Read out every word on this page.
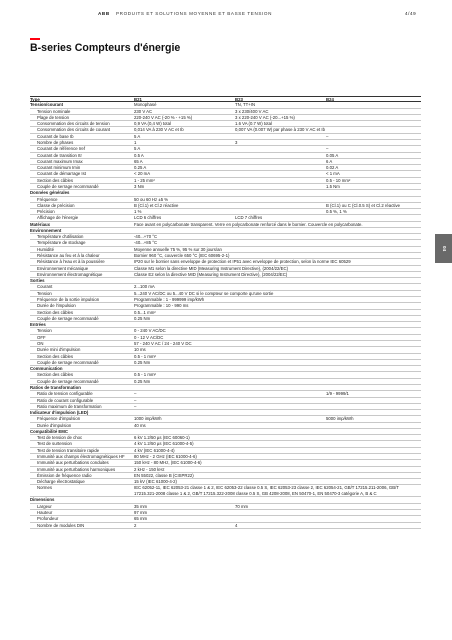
ABB PRODUITS ET SOLUTIONS MOYENNE ET BASSE TENSION	4/49
B-series Compteurs d'énergie
04
Type	B21	B23	B24
Tension/courant	Monophasé	TN, TT+IN
Tension nominale	230 V AC	3 x 230/400 V AC
Plage de tension	220-240 V AC (-20 % - +15 %)	3 x 220-240 V AC (-20...+15 %)
Consommation des circuits de tension	0,9 VA (0,4 W) total	1.6 VA (0.7 W) total
Consommation des circuits de courant	0,014 VA à 230 V AC et Ib	0,007 VA (0.007 W) par phase à 230 V AC et Ib
Courant de base Ib	5 A	–
Nombre de phases	1	3
Courant de référence Iref	5 A	–
Courant de transition Itr	0.5 A	0.05 A
Courant maximum Imax	65 A	6 A
Courant minimum Imin	0.25 A	0.02 A
Courant de démarrage Ist	< 20 mA	< 1 mA
Section des câbles	1 - 25 mm²	0.5 - 10 mm²
Couple de serrage recommandé	3 Nm	1.5 Nm
Données générales
Fréquence	50 ou 60 Hz ±5 %
Classe de précision	B (Cl.1) et Cl.2 réactive	B (Cl.1) ou C (Cl.0.5 S) et Cl.2 réactive
Précision	1 %	0.5 %, 1 %
Affichage de l'énergie	LCD 6 chiffres	LCD 7 chiffres
Matériaux	Face avant en polycarbonate transparent. Verre en polycarbonate renforcé dans le bornier. Couvercle en polycarbonate.
Environnement
Température d'utilisation	-40...+70 °C
Température de stockage	-40...+85 °C
Humidité	Moyenne annuelle 75 %, 95 % sur 30 jours/an
Résistance au feu et à la chaleur	Bornier 960 °C, couvercle 650 °C (IEC 60695-2-1)
Résistance à l'eau et à la poussière	IP20 sur le bornier sans enveloppe de protection et IP51 avec enveloppe de protection, selon la norme IEC 60529
Environnement mécanique	Classe M1 selon la directive MID (Measuring Instrument Directive), (2004/22/EC)
Environnement électromagnétique	Classe E2 selon la directive MID (Measuring Instrument Directive), (2004/22/EC)
Sorties
Courant	2...100 mA
Tension	5...240 V AC/DC ou 5...40 V DC si le compteur se comporte qu'une sortie
Fréquence de la sortie impulsion	Programmable : 1 - 999999 imp/kWh
Durée de l'impulsion	Programmable : 10 - 990 ms
Section des câbles	0.5...1 mm²
Couple de serrage recommandé	0.25 Nm
Entrées
Tension	0 - 240 V AC/DC
OFF	0 - 12 V AC/DC
ON	57 - 240 V AC / 24 - 240 V DC
Durée mini d'impulsion	10 ms
Section des câbles	0.5 - 1 mm²
Couple de serrage recommandé	0.25 Nm
Communication
Section des câbles	0.5 - 1 mm²
Couple de serrage recommandé	0.25 Nm
Ratios de transformation
Ratio de tension configurable	–	1/9 - 9999/1
Ratio de courant configurable	–
Ratio maximum de transformation	–
Indicateur d'impulsion (LED)
Fréquence d'impulsion	1000 imp/kWh	5000 imp/kWh
Durée d'impulsion	40 ms
Compatibilité EMC
Test de tension de choc	6 kV 1.2/50 µs (IEC 60060-1)
Test de surtension	4 kV 1.2/50 µs (IEC 61000-4-5)
Test de tension transitoire rapide	4 kV (IEC 61000-4-4)
Immunité aux champs électromagnétiques HF	80 MHz - 2 GHz (IEC 61000-4-6)
Immunité aux perturbations conduites	150 kHz - 80 MHz, (IEC 61000-4-6)
Immunité aux perturbations harmoniques	2 kHz - 150 kHz
Émission de fréquence radio	EN 55022, classe B (CISPR22)
Décharge électrostatique	15 kV (IEC 61000-4-2)
Normes	IEC 62052-11, IEC 62053-21 classe 1 & 2, IEC 62053-22 classe 0.5 S, IEC 62053-23 classe 2, IEC 62054-21, GB/T 17215.211-2006, GB/T 17215.321-2008 classe 1 & 2, GB/T 17215.322-2008 classe 0.5 S, GB 4208-2008, EN 50470-1, EN 50470-3 catégorie A, B & C
Dimensions
Largeur	35 mm	70 mm
Hauteur	97 mm
Profondeur	65 mm
Nombre de modules DIN	2	4
